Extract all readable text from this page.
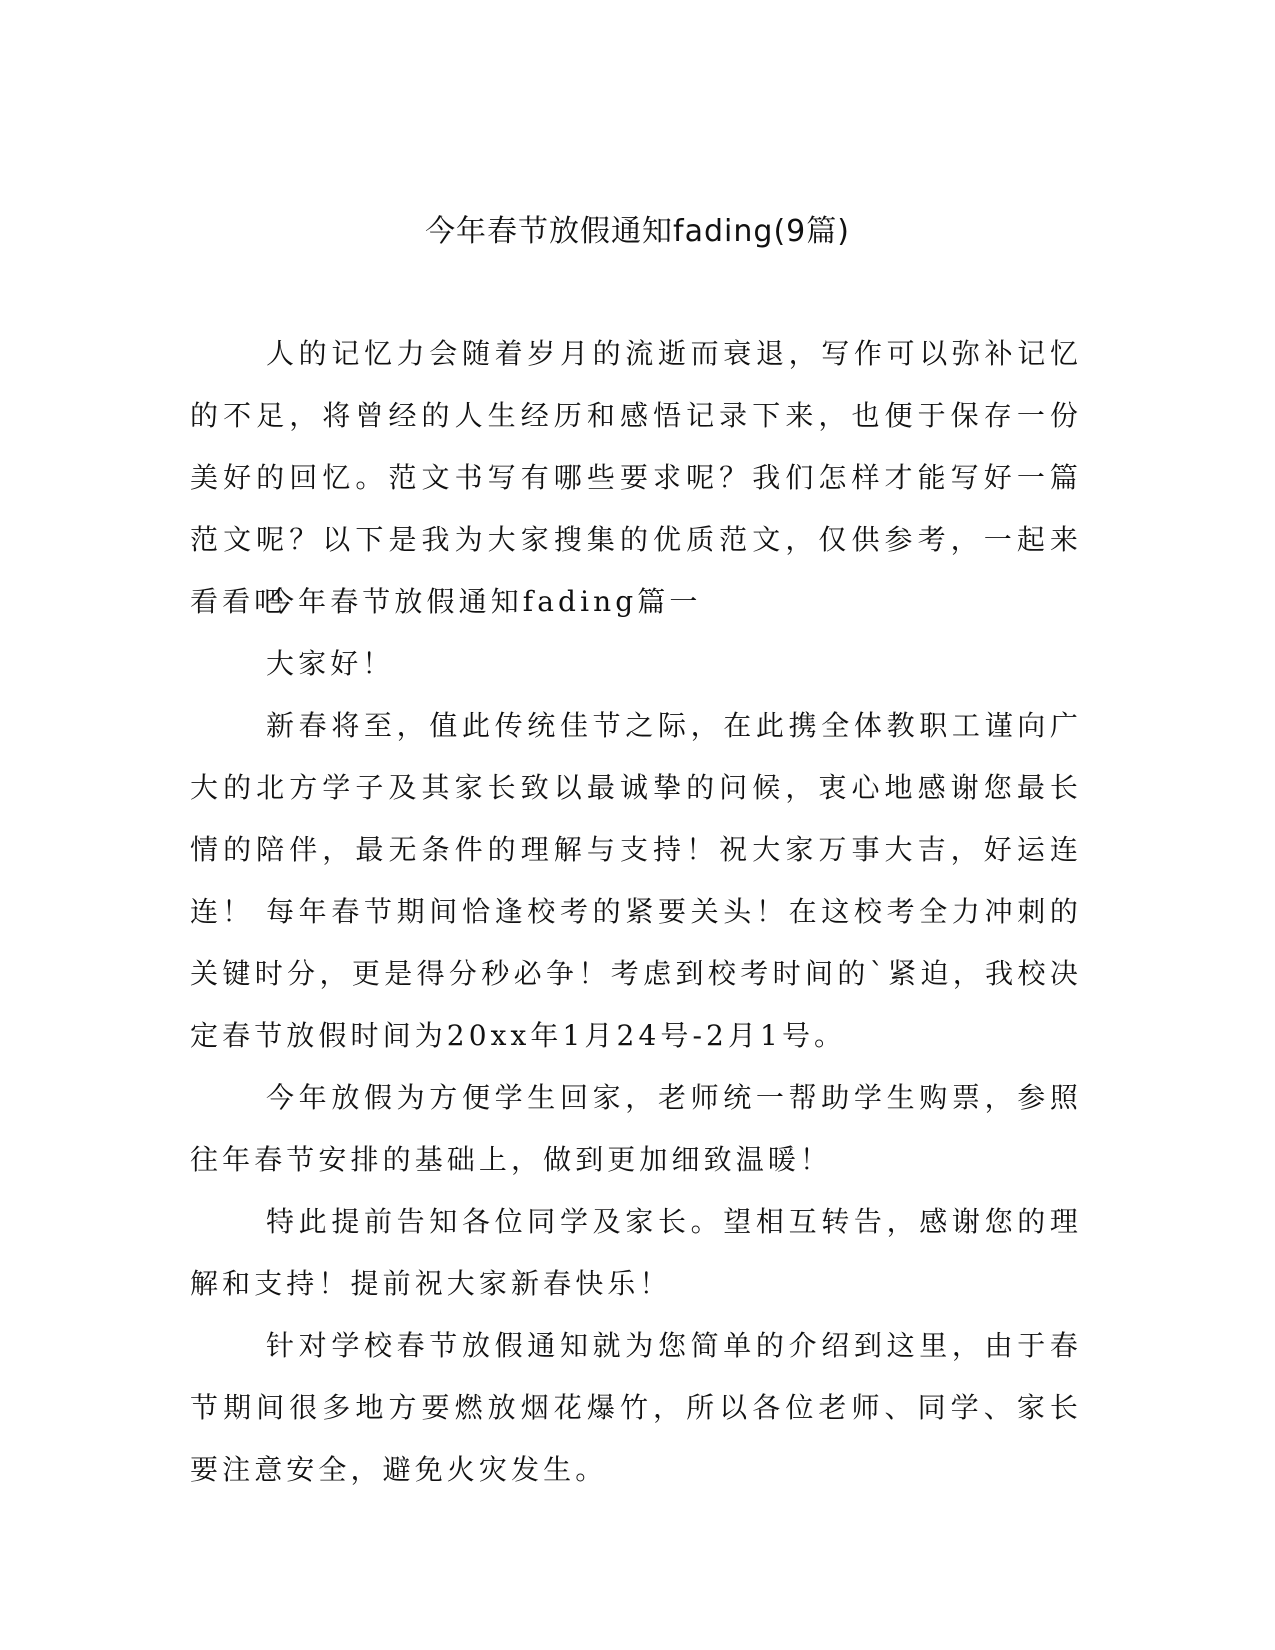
今年春节放假通知fading(9篇)

人的记忆力会随着岁月的流逝而衰退，写作可以弥补记忆的不足，将曾经的人生经历和感悟记录下来，也便于保存一份美好的回忆。范文书写有哪些要求呢？我们怎样才能写好一篇范文呢？以下是我为大家搜集的优质范文，仅供参考，一起来看看吧

今年春节放假通知fading篇一

大家好！

新春将至，值此传统佳节之际，在此携全体教职工谨向广大的北方学子及其家长致以最诚挚的问候，衷心地感谢您最长情的陪伴，最无条件的理解与支持！祝大家万事大吉，好运连连！ 每年春节期间恰逢校考的紧要关头！在这校考全力冲刺的关键时分，更是得分秒必争！考虑到校考时间的`紧迫，我校决定春节放假时间为20xx年1月24号-2月1号。

今年放假为方便学生回家，老师统一帮助学生购票，参照往年春节安排的基础上，做到更加细致温暖！

特此提前告知各位同学及家长。望相互转告，感谢您的理解和支持！提前祝大家新春快乐！

针对学校春节放假通知就为您简单的介绍到这里，由于春节期间很多地方要燃放烟花爆竹，所以各位老师、同学、家长要注意安全，避免火灾发生。
